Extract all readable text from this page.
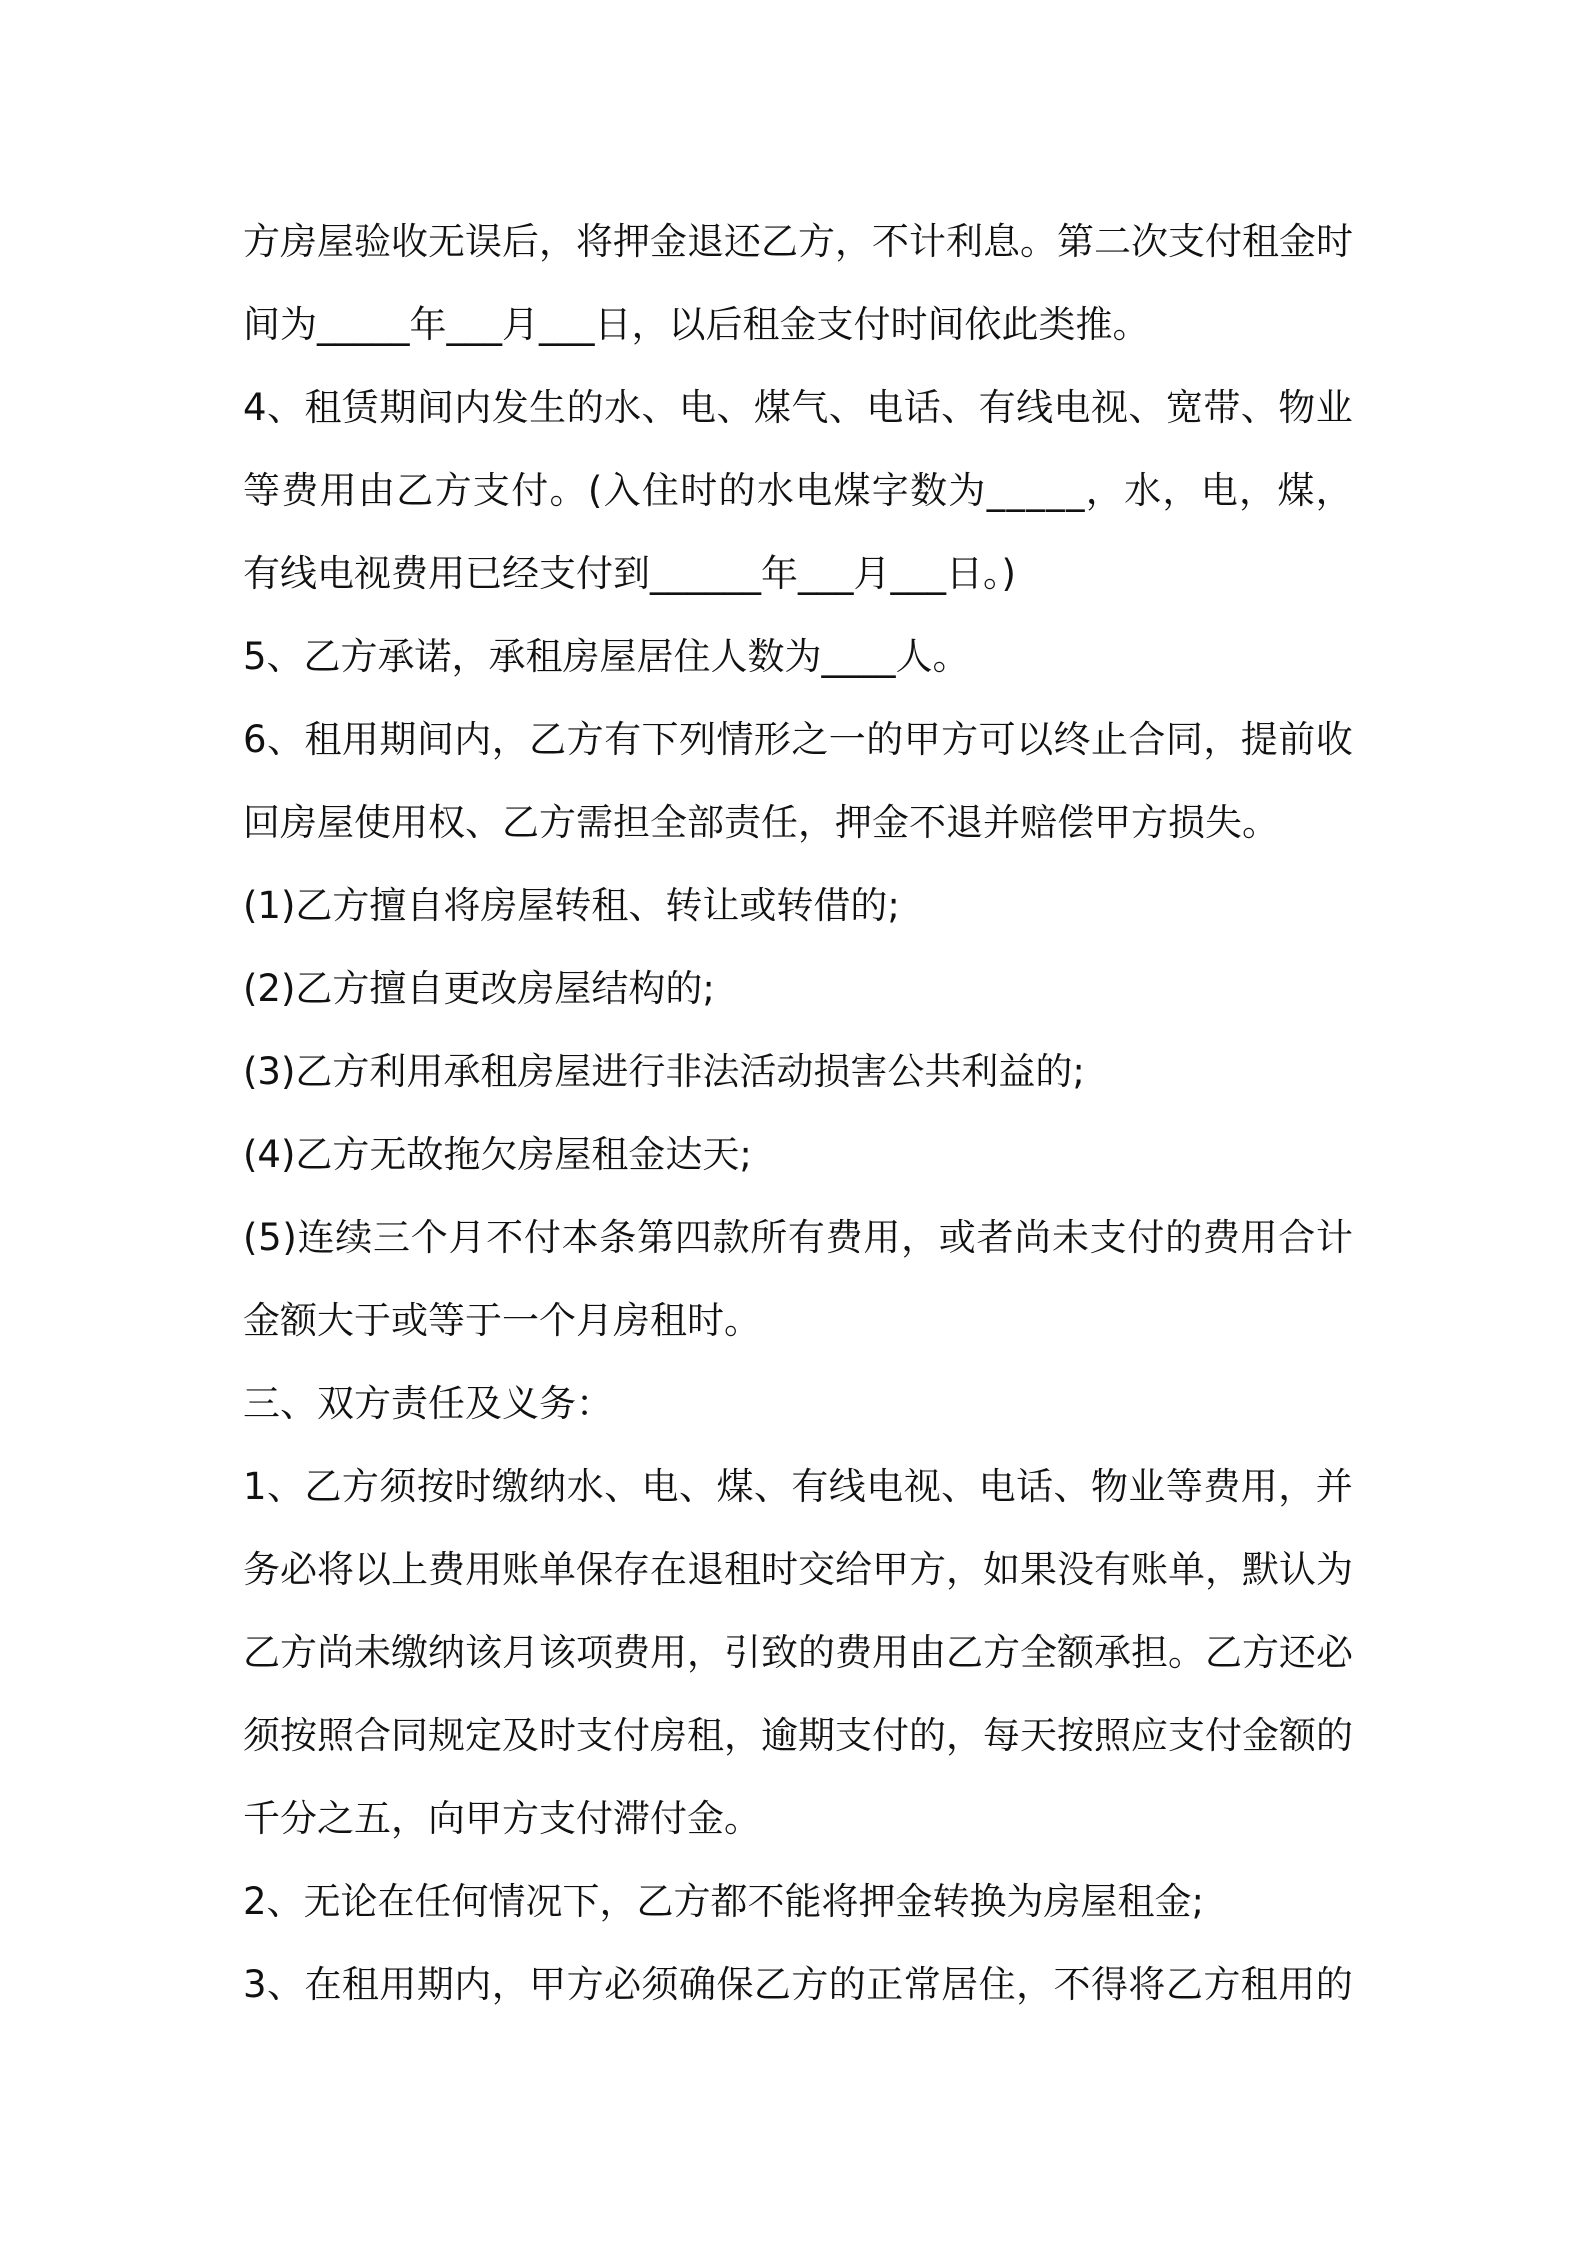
方 房 屋 验 收 无 误 后 ， 将 押 金 退 还 乙 方 ， 不 计 利 息 。 第 二 次 支 付 租 金 时
间为_____年___月___日，以后租金支付时间依此类推。
4 、 租 赁 期 间 内 发 生 的 水 、 电 、 煤 气 、 电 话 、 有 线 电 视 、 宽 带 、 物 业
等 费 用 由 乙 方 支 付 。 ( 入 住 时 的 水 电 煤 字 数 为 _ _ _ _ _ ， 水 ， 电 ， 煤 ，
有线电视费用已经支付到______年___月___日。)
5、乙方承诺，承租房屋居住人数为____人。
6 、 租 用 期 间 内 ， 乙 方 有 下 列 情 形 之 一 的 甲 方 可 以 终 止 合 同 ， 提 前 收
回房屋使用权、乙方需担全部责任，押金不退并赔偿甲方损失。
(1)乙方擅自将房屋转租、转让或转借的;
(2)乙方擅自更改房屋结构的;
(3)乙方利用承租房屋进行非法活动损害公共利益的;
(4)乙方无故拖欠房屋租金达天;
( 5 ) 连 续 三 个 月 不 付 本 条 第 四 款 所 有 费 用 ， 或 者 尚 未 支 付 的 费 用 合 计
金额大于或等于一个月房租时。
三、双方责任及义务：
1 、 乙 方 须 按 时 缴 纳 水 、 电 、 煤 、 有 线 电 视 、 电 话 、 物 业 等 费 用 ， 并
务 必 将 以 上 费 用 账 单 保 存 在 退 租 时 交 给 甲 方 ， 如 果 没 有 账 单 ， 默 认 为
乙 方 尚 未 缴 纳 该 月 该 项 费 用 ， 引 致 的 费 用 由 乙 方 全 额 承 担 。 乙 方 还 必
须 按 照 合 同 规 定 及 时 支 付 房 租 ， 逾 期 支 付 的 ， 每 天 按 照 应 支 付 金 额 的
千分之五，向甲方支付滞付金。
2、无论在任何情况下，乙方都不能将押金转换为房屋租金;
3 、 在 租 用 期 内 ， 甲 方 必 须 确 保 乙 方 的 正 常 居 住 ， 不 得 将 乙 方 租 用 的
